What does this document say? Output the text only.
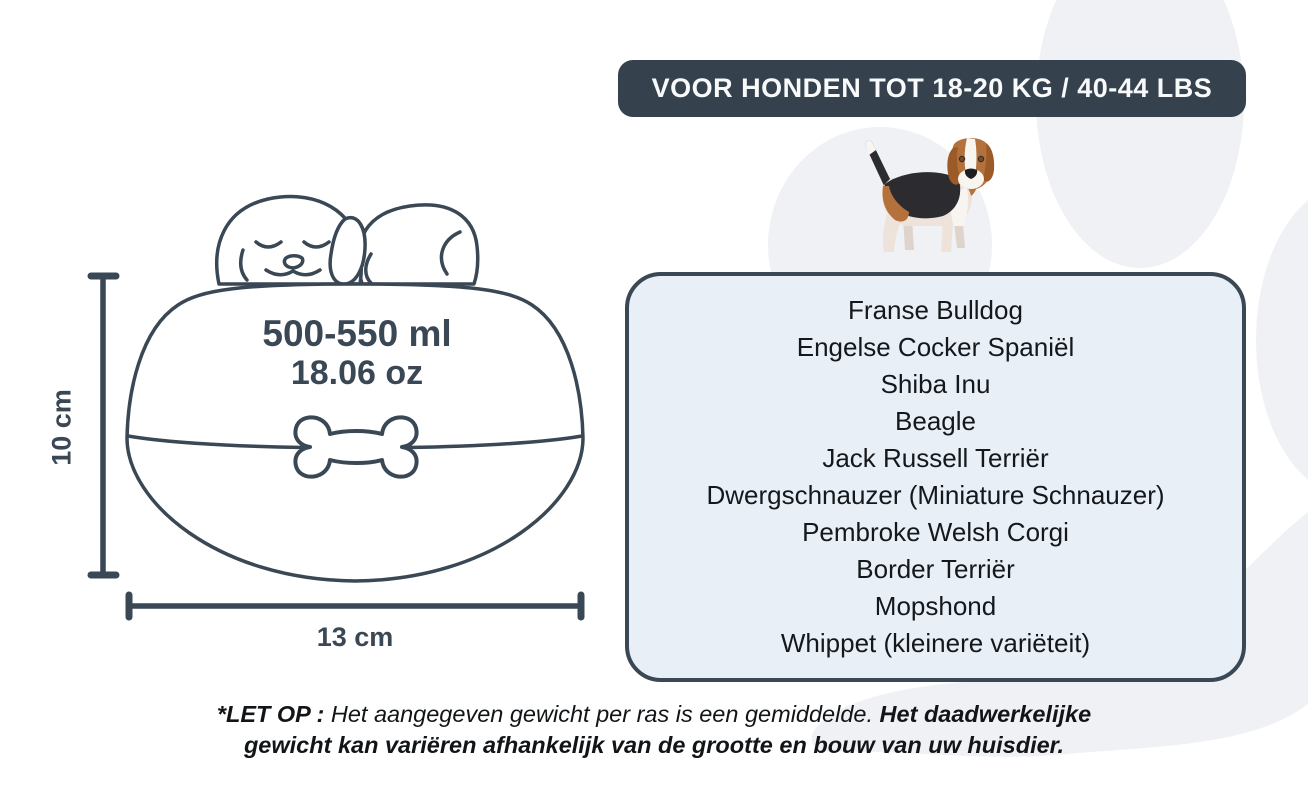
VOOR HONDEN TOT 18-20 KG / 40-44 LBS
500-550 ml
18.06 oz
10 cm
13 cm
Franse Bulldog
Engelse Cocker Spaniël
Shiba Inu
Beagle
Jack Russell Terriër
Dwergschnauzer (Miniature Schnauzer)
Pembroke Welsh Corgi
Border Terriër
Mopshond
Whippet (kleinere variëteit)
*LET OP : Het aangegeven gewicht per ras is een gemiddelde. Het daadwerkelijke
gewicht kan variëren afhankelijk van de grootte en bouw van uw huisdier.
